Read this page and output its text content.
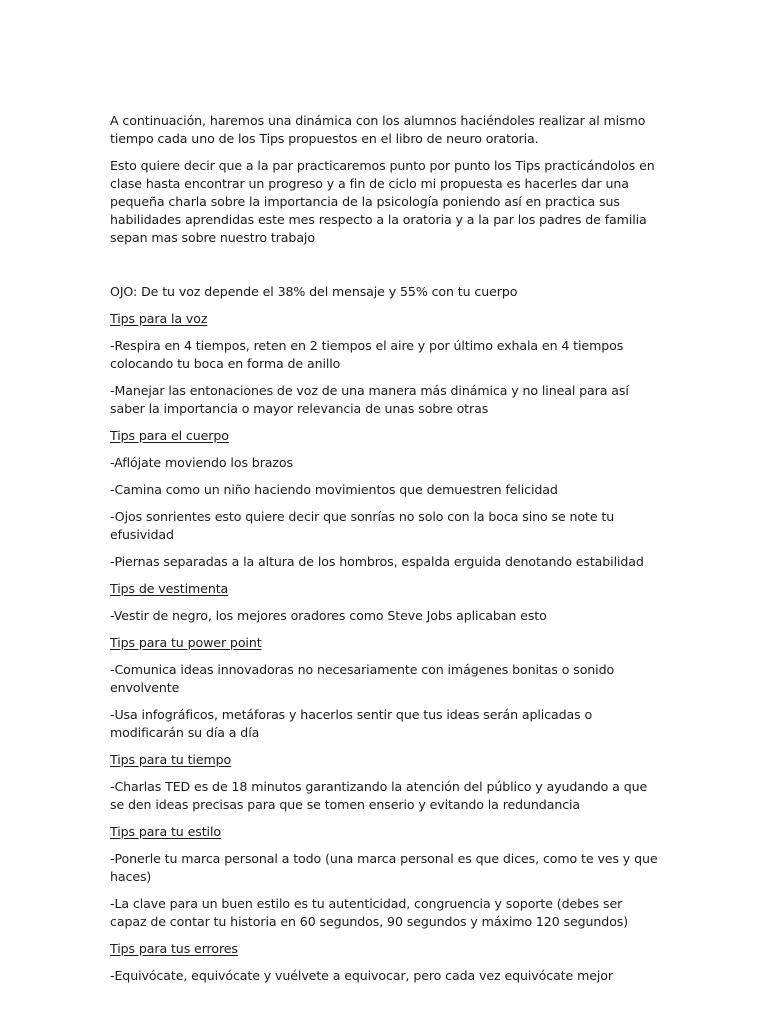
A continuación, haremos una dinámica con los alumnos haciéndoles realizar al mismo tiempo cada uno de los Tips propuestos en el libro de neuro oratoria.

Esto quiere decir que a la par practicaremos punto por punto los Tips practicándolos en clase hasta encontrar un progreso y a fin de ciclo mi propuesta es hacerles dar una pequeña charla sobre la importancia de la psicología poniendo así en practica sus habilidades aprendidas este mes respecto a la oratoria y a la par los padres de familia sepan mas sobre nuestro trabajo

OJO: De tu voz depende el 38% del mensaje y 55% con tu cuerpo

Tips para la voz

-Respira en 4 tiempos, reten en 2 tiempos el aire y por último exhala en 4 tiempos colocando tu boca en forma de anillo

-Manejar las entonaciones de voz de una manera más dinámica y no lineal para así saber la importancia o mayor relevancia de unas sobre otras

Tips para el cuerpo

-Aflójate moviendo los brazos

-Camina como un niño haciendo movimientos que demuestren felicidad

-Ojos sonrientes esto quiere decir que sonrías no solo con la boca sino se note tu efusividad

-Piernas separadas a la altura de los hombros, espalda erguida denotando estabilidad

Tips de vestimenta

-Vestir de negro, los mejores oradores como Steve Jobs aplicaban esto

Tips para tu power point

-Comunica ideas innovadoras no necesariamente con imágenes bonitas o sonido envolvente

-Usa infográficos, metáforas y hacerlos sentir que tus ideas serán aplicadas o modificarán su día a día

Tips para tu tiempo

-Charlas TED es de 18 minutos garantizando la atención del público y ayudando a que se den ideas precisas para que se tomen enserio y evitando la redundancia

Tips para tu estilo

-Ponerle tu marca personal a todo (una marca personal es que dices, como te ves y que haces)

-La clave para un buen estilo es tu autenticidad, congruencia y soporte (debes ser capaz de contar tu historia en 60 segundos, 90 segundos y máximo 120 segundos)

Tips para tus errores

-Equivócate, equivócate y vuélvete a equivocar, pero cada vez equivócate mejor
